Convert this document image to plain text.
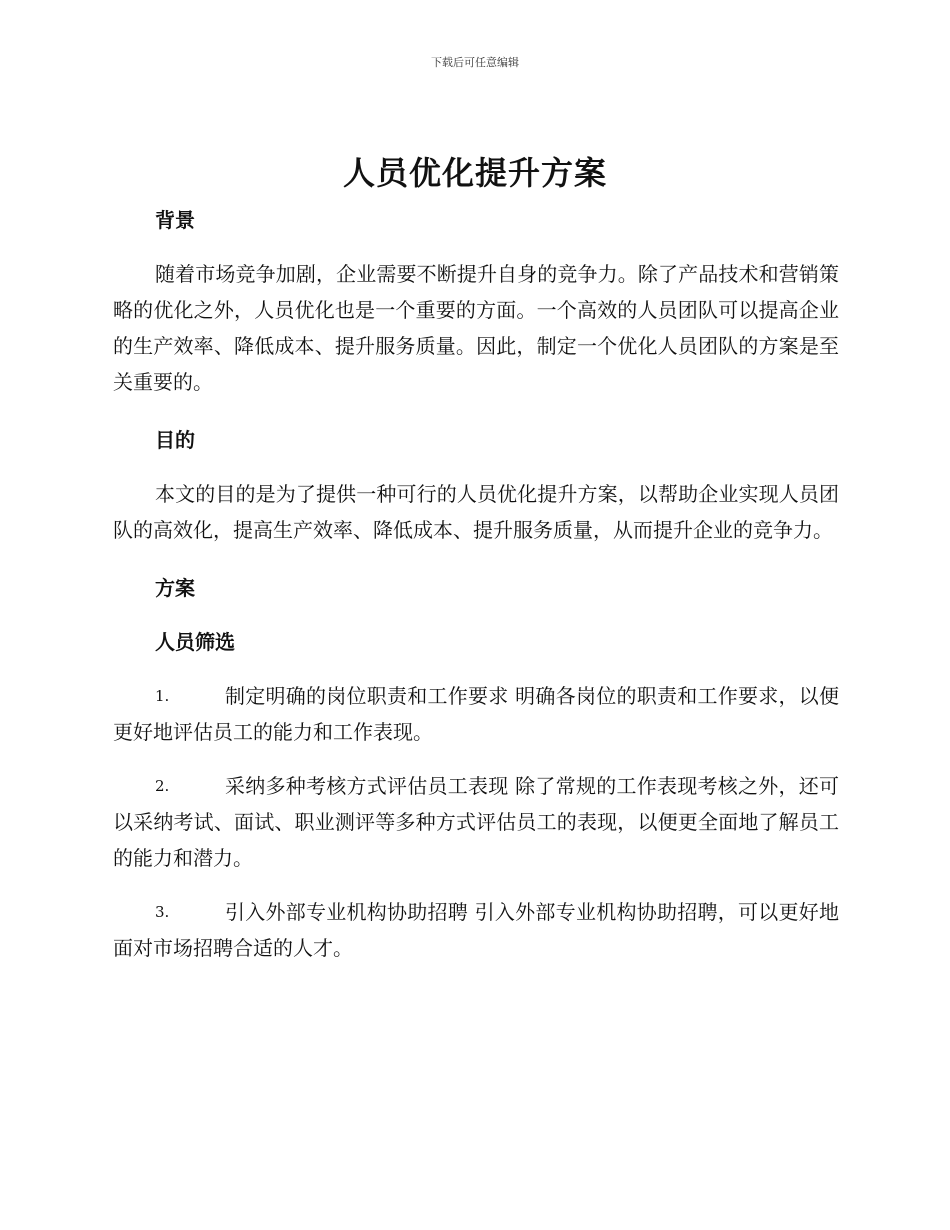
下载后可任意编辑
人员优化提升方案

背景

随着市场竞争加剧，企业需要不断提升自身的竞争力。除了产品技术和营销策略的优化之外，人员优化也是一个重要的方面。一个高效的人员团队可以提高企业的生产效率、降低成本、提升服务质量。因此，制定一个优化人员团队的方案是至关重要的。

目的

本文的目的是为了提供一种可行的人员优化提升方案，以帮助企业实现人员团队的高效化，提高生产效率、降低成本、提升服务质量，从而提升企业的竞争力。

方案

人员筛选

1.	制定明确的岗位职责和工作要求 明确各岗位的职责和工作要求，以便更好地评估员工的能力和工作表现。
2.	采纳多种考核方式评估员工表现 除了常规的工作表现考核之外，还可以采纳考试、面试、职业测评等多种方式评估员工的表现，以便更全面地了解员工的能力和潜力。
3.	引入外部专业机构协助招聘 引入外部专业机构协助招聘，可以更好地面对市场招聘合适的人才。
